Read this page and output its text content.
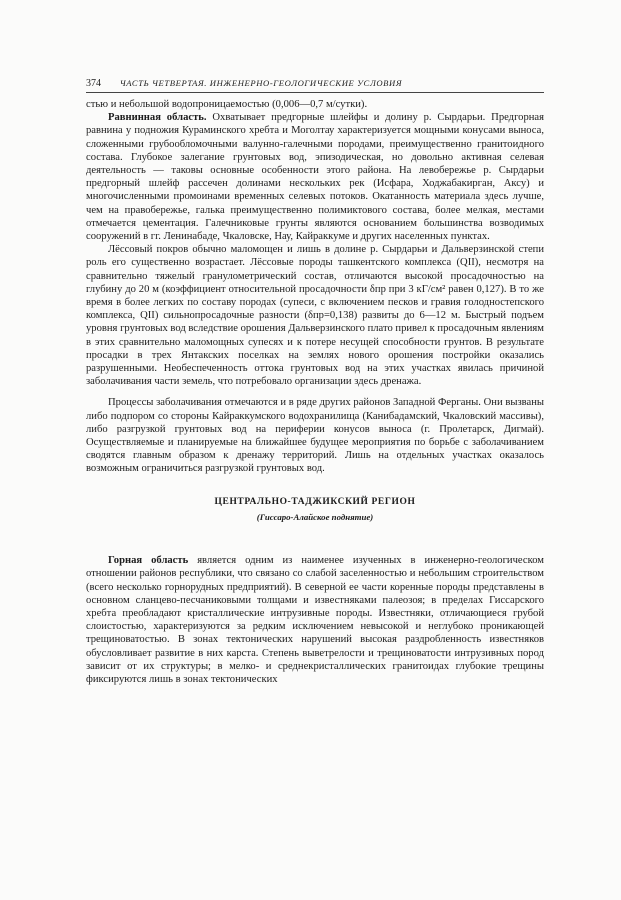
374 ЧАСТЬ ЧЕТВЕРТАЯ. ИНЖЕНЕРНО-ГЕОЛОГИЧЕСКИЕ УСЛОВИЯ

стью и небольшой водопроницаемостью (0,006—0,7 м/сутки).

Равнинная область. Охватывает предгорные шлейфы и долину р. Сырдарьи. Предгорная равнина у подножия Кураминского хребта и Моголтау характеризуется мощными конусами выноса, сложенными грубообломочными валунно-галечными породами, преимущественно гранитоидного состава. Глубокое залегание грунтовых вод, эпизодическая, но довольно активная селевая деятельность — таковы основные особенности этого района. На левобережье р. Сырдарьи предгорный шлейф рассечен долинами нескольких рек (Исфара, Ходжабакирган, Аксу) и многочисленными промоинами временных селевых потоков. Окатанность материала здесь лучше, чем на правобережье, галька преимущественно полимиктового состава, более мелкая, местами отмечается цементация. Галечниковые грунты являются основанием большинства возводимых сооружений в гг. Ленинабаде, Чкаловске, Нау, Кайраккуме и других населенных пунктах.

Лёссовый покров обычно маломощен и лишь в долине р. Сырдарьи и Дальверзинской степи роль его существенно возрастает. Лёссовые породы ташкентского комплекса (QII), несмотря на сравнительно тяжелый гранулометрический состав, отличаются высокой просадочностью на глубину до 20 м (коэффициент относительной просадочности δпр при 3 кГ/см² равен 0,127). В то же время в более легких по составу породах (супеси, с включением песков и гравия голодностепского комплекса, QII) сильнопросадочные разности (δпр=0,138) развиты до 6—12 м. Быстрый подъем уровня грунтовых вод вследствие орошения Дальверзинского плато привел к просадочным явлениям в этих сравнительно маломощных супесях и к потере несущей способности грунтов. В результате просадки в трех Янтакских поселках на землях нового орошения постройки оказались разрушенными. Необеспеченность оттока грунтовых вод на этих участках явилась причиной заболачивания части земель, что потребовало организации здесь дренажа.

Процессы заболачивания отмечаются и в ряде других районов Западной Ферганы. Они вызваны либо подпором со стороны Кайраккумского водохранилища (Канибадамский, Чкаловский массивы), либо разгрузкой грунтовых вод на периферии конусов выноса (г. Пролетарск, Дигмай). Осуществляемые и планируемые на ближайшее будущее мероприятия по борьбе с заболачиванием сводятся главным образом к дренажу территорий. Лишь на отдельных участках оказалось возможным ограничиться разгрузкой грунтовых вод.

ЦЕНТРАЛЬНО-ТАДЖИКСКИЙ РЕГИОН
(Гиссаро-Алайское поднятие)

Горная область является одним из наименее изученных в инженерно-геологическом отношении районов республики, что связано со слабой заселенностью и небольшим строительством (всего несколько горнорудных предприятий). В северной ее части коренные породы представлены в основном сланцево-песчаниковыми толщами и известняками палеозоя; в пределах Гиссарского хребта преобладают кристаллические интрузивные породы. Известняки, отличающиеся грубой слоистостью, характеризуются за редким исключением невысокой и неглубоко проникающей трещиноватостью. В зонах тектонических нарушений высокая раздробленность известняков обусловливает развитие в них карста. Степень выветрелости и трещиноватости интрузивных пород зависит от их структуры; в мелко- и среднекристаллических гранитоидах глубокие трещины фиксируются лишь в зонах тектонических
